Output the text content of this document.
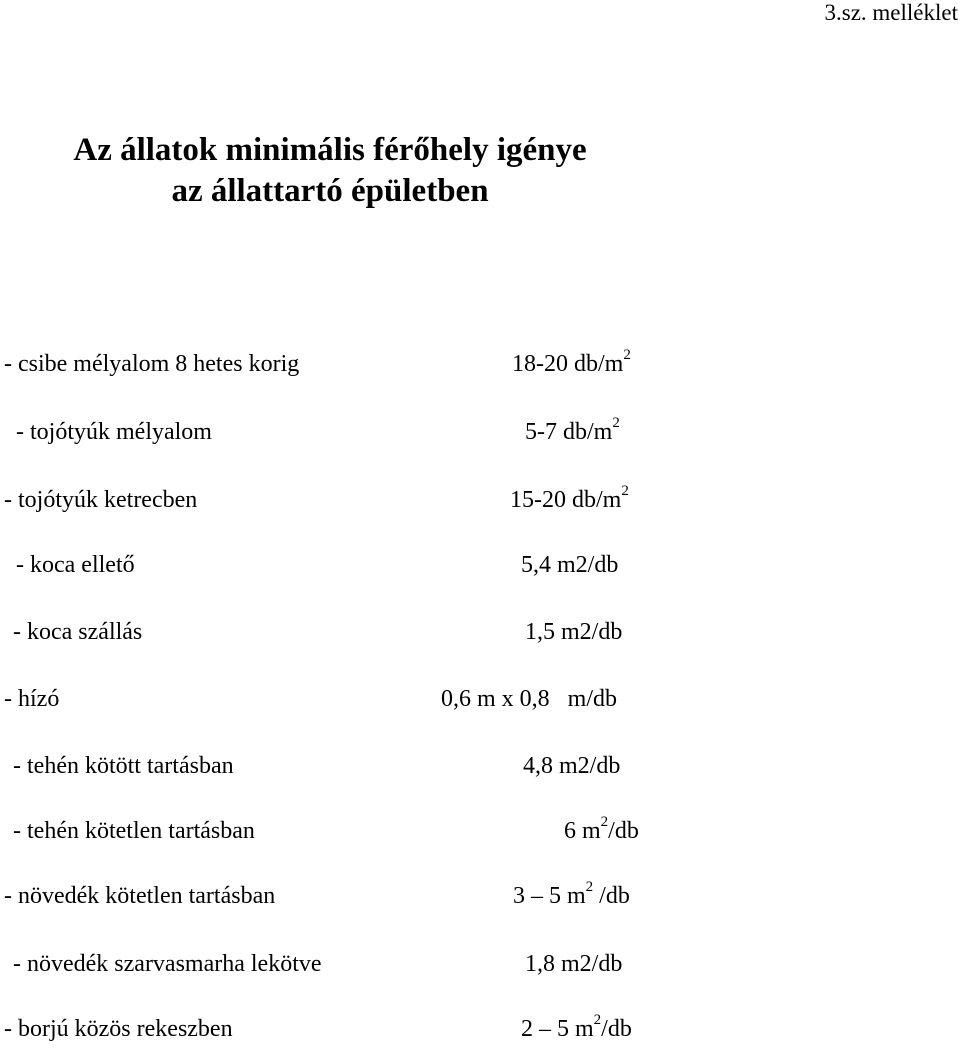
3.sz. melléklet
Az állatok minimális férőhely igénye
az állattartó épületben
- csibe mélyalom 8 hetes korig	18-20 $db/m^2$
- tojótyúk mélyalom	5-7 $db/m^2$
- tojótyúk ketrecben	15-20 $db/m^2$
- koca ellető	5,4 m2/db
- koca szállás	1,5 m2/db
- hízó	0,6 m x 0,8   m/db
- tehén kötött tartásban	4,8 m2/db
- tehén kötetlen tartásban	6 $m^2/db$
- növedék kötetlen tartásban	3 – 5 $m^2$ /db
- növedék szarvasmarha lekötve	1,8 m2/db
- borjú közös rekeszben	2 – 5 $m^2/db$
